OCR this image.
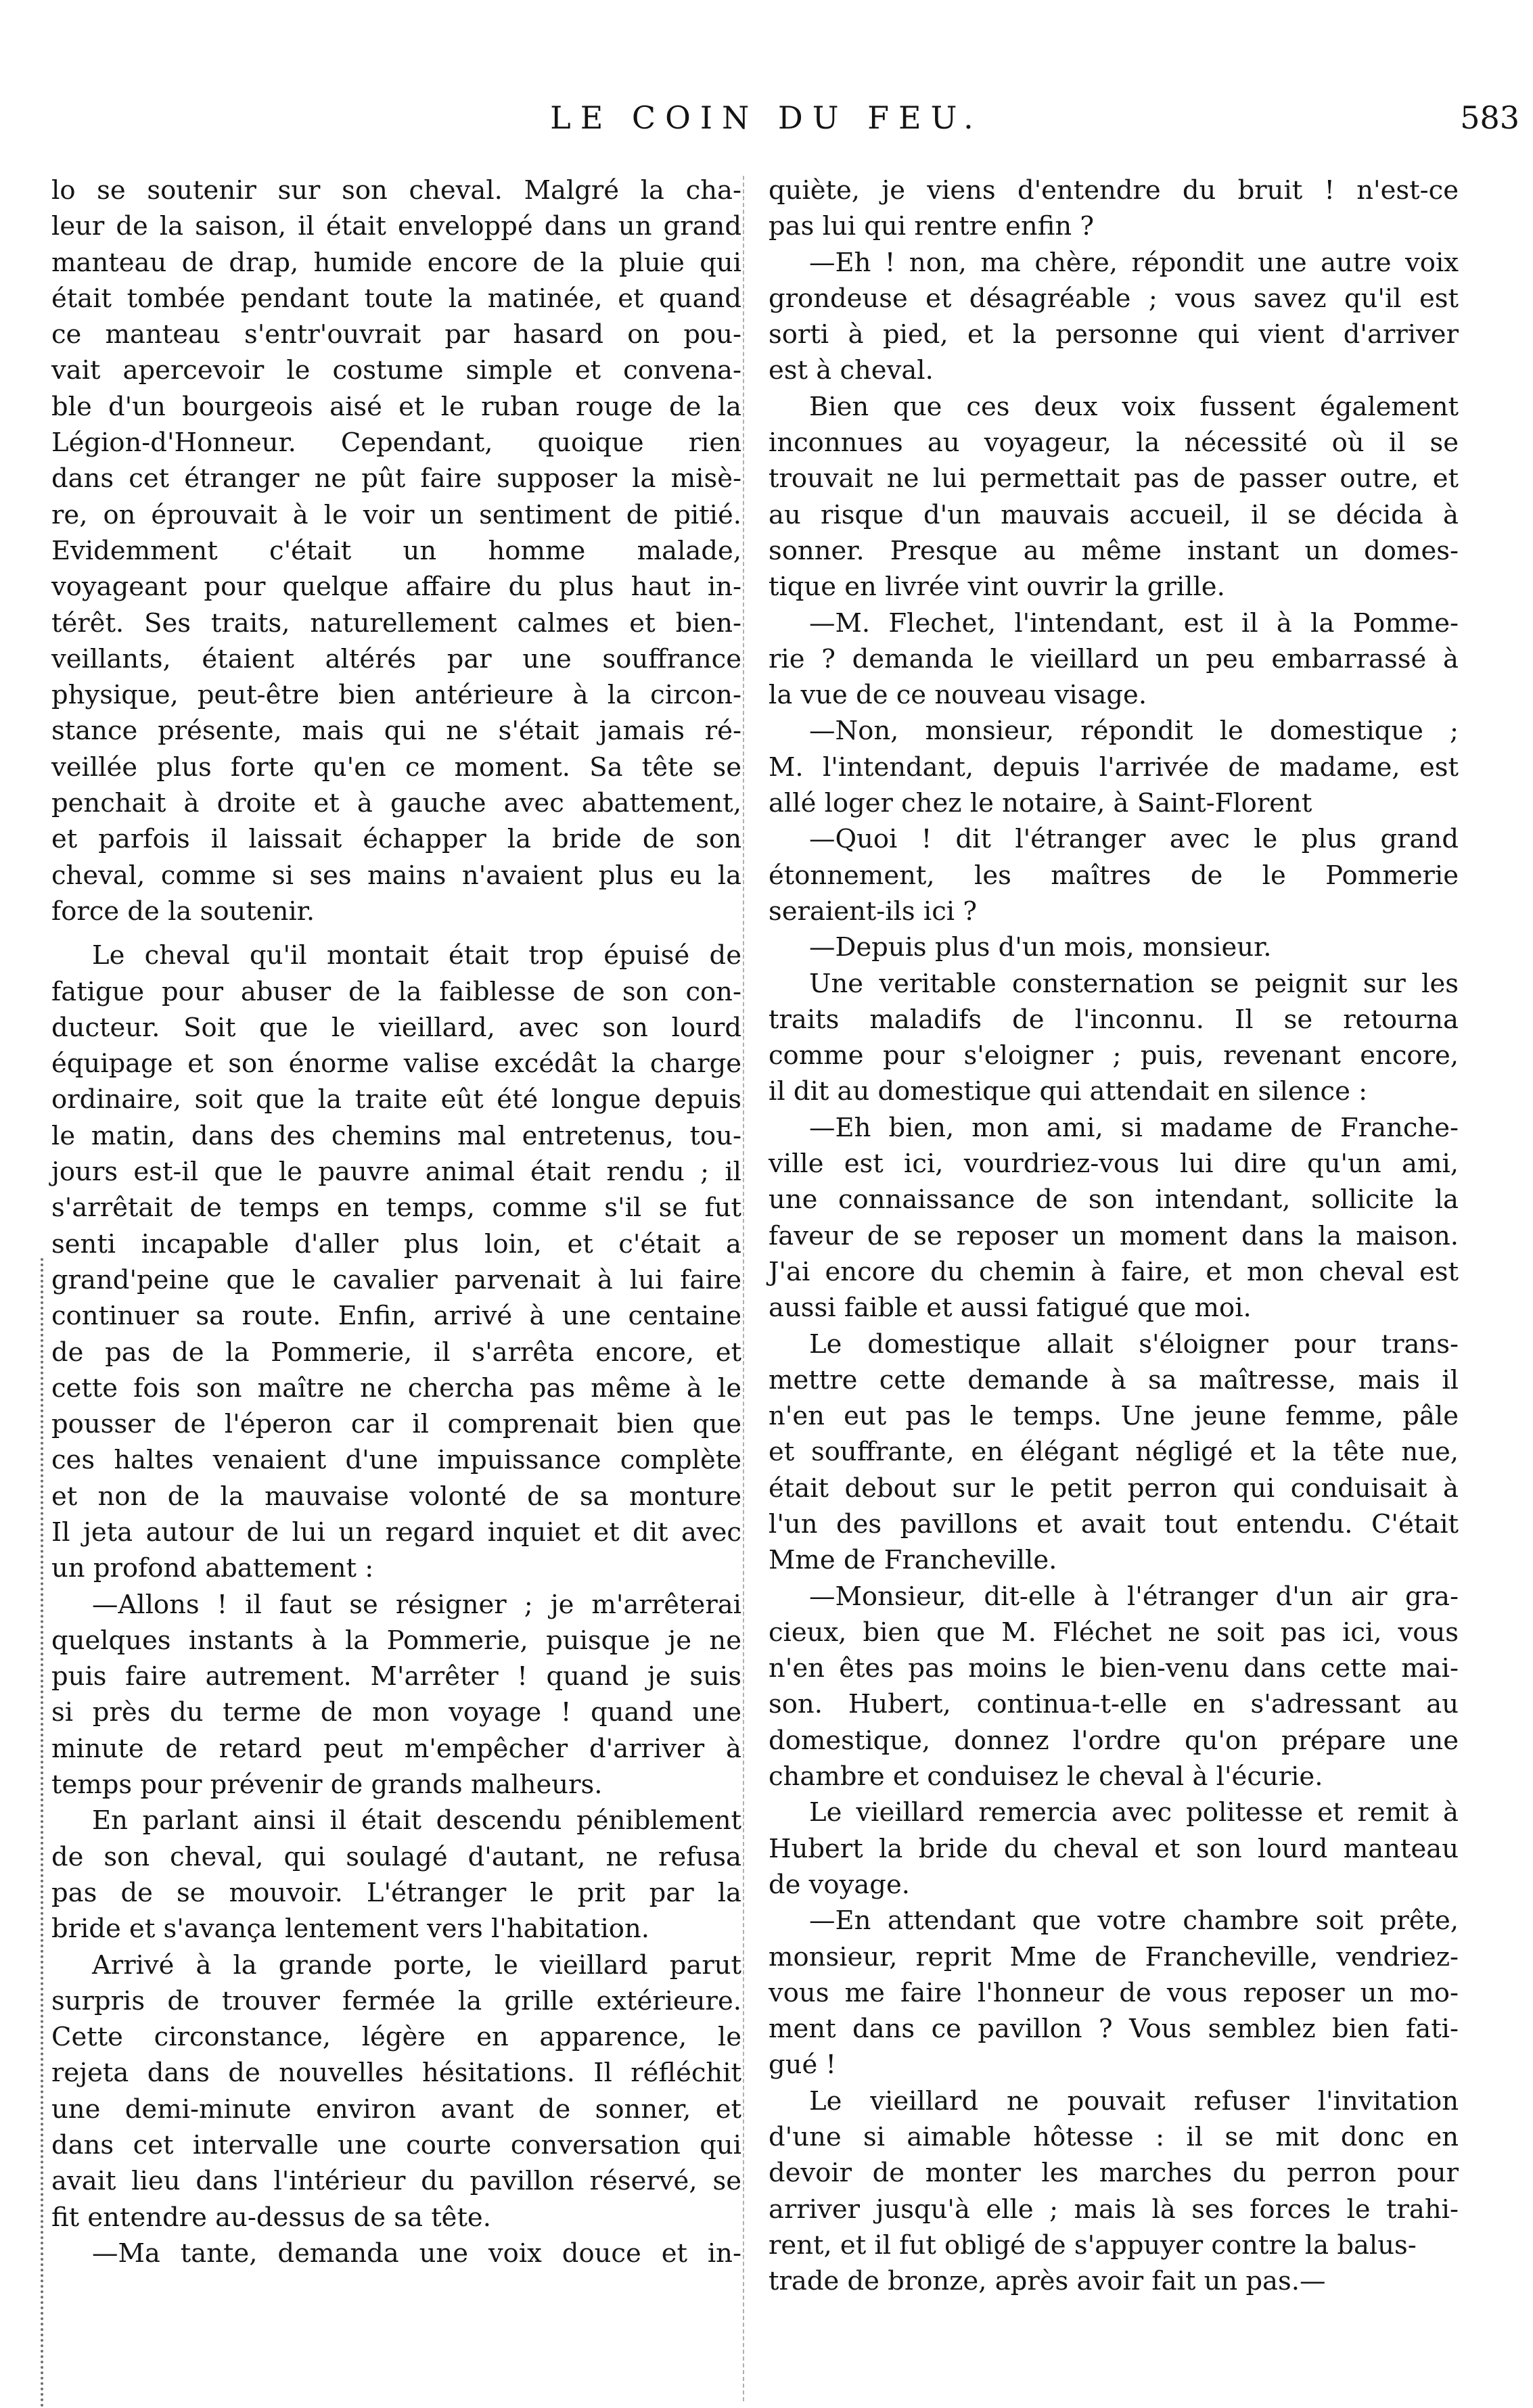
LE COIN DU FEU.	583
lo se soutenir sur son cheval. Malgré la cha-
leur de la saison, il était enveloppé dans un grand
manteau de drap, humide encore de la pluie qui
était tombée pendant toute la matinée, et quand
ce manteau s'entr'ouvrait par hasard on pou-
vait apercevoir le costume simple et convena-
ble d'un bourgeois aisé et le ruban rouge de la
Légion-d'Honneur. Cependant, quoique rien
dans cet étranger ne pût faire supposer la misè-
re, on éprouvait à le voir un sentiment de pitié.
Evidemment c'était un homme malade,
voyageant pour quelque affaire du plus haut in-
térêt. Ses traits, naturellement calmes et bien-
veillants, étaient altérés par une souffrance
physique, peut-être bien antérieure à la circon-
stance présente, mais qui ne s'était jamais ré-
veillée plus forte qu'en ce moment. Sa tête se
penchait à droite et à gauche avec abattement,
et parfois il laissait échapper la bride de son
cheval, comme si ses mains n'avaient plus eu la
force de la soutenir.
Le cheval qu'il montait était trop épuisé de
fatigue pour abuser de la faiblesse de son con-
ducteur. Soit que le vieillard, avec son lourd
équipage et son énorme valise excédât la charge
ordinaire, soit que la traite eût été longue depuis
le matin, dans des chemins mal entretenus, tou-
jours est-il que le pauvre animal était rendu ; il
s'arrêtait de temps en temps, comme s'il se fut
senti incapable d'aller plus loin, et c'était a
grand'peine que le cavalier parvenait à lui faire
continuer sa route. Enfin, arrivé à une centaine
de pas de la Pommerie, il s'arrêta encore, et
cette fois son maître ne chercha pas même à le
pousser de l'éperon car il comprenait bien que
ces haltes venaient d'une impuissance complète
et non de la mauvaise volonté de sa monture
Il jeta autour de lui un regard inquiet et dit avec
un profond abattement :
—Allons ! il faut se résigner ; je m'arrêterai
quelques instants à la Pommerie, puisque je ne
puis faire autrement. M'arrêter ! quand je suis
si près du terme de mon voyage ! quand une
minute de retard peut m'empêcher d'arriver à
temps pour prévenir de grands malheurs.
En parlant ainsi il était descendu péniblement
de son cheval, qui soulagé d'autant, ne refusa
pas de se mouvoir. L'étranger le prit par la
bride et s'avança lentement vers l'habitation.
Arrivé à la grande porte, le vieillard parut
surpris de trouver fermée la grille extérieure.
Cette circonstance, légère en apparence, le
rejeta dans de nouvelles hésitations. Il réfléchit
une demi-minute environ avant de sonner, et
dans cet intervalle une courte conversation qui
avait lieu dans l'intérieur du pavillon réservé, se
fit entendre au-dessus de sa tête.
—Ma tante, demanda une voix douce et in-
quiète, je viens d'entendre du bruit ! n'est-ce
pas lui qui rentre enfin ?
—Eh ! non, ma chère, répondit une autre voix
grondeuse et désagréable ; vous savez qu'il est
sorti à pied, et la personne qui vient d'arriver
est à cheval.
Bien que ces deux voix fussent également
inconnues au voyageur, la nécessité où il se
trouvait ne lui permettait pas de passer outre, et
au risque d'un mauvais accueil, il se décida à
sonner. Presque au même instant un domes-
tique en livrée vint ouvrir la grille.
—M. Flechet, l'intendant, est il à la Pomme-
rie ? demanda le vieillard un peu embarrassé à
la vue de ce nouveau visage.
—Non, monsieur, répondit le domestique ;
M. l'intendant, depuis l'arrivée de madame, est
allé loger chez le notaire, à Saint-Florent
—Quoi ! dit l'étranger avec le plus grand
étonnement, les maîtres de le Pommerie
seraient-ils ici ?
—Depuis plus d'un mois, monsieur.
Une veritable consternation se peignit sur les
traits maladifs de l'inconnu. Il se retourna
comme pour s'eloigner ; puis, revenant encore,
il dit au domestique qui attendait en silence :
—Eh bien, mon ami, si madame de Franche-
ville est ici, vourdriez-vous lui dire qu'un ami,
une connaissance de son intendant, sollicite la
faveur de se reposer un moment dans la maison.
J'ai encore du chemin à faire, et mon cheval est
aussi faible et aussi fatigué que moi.
Le domestique allait s'éloigner pour trans-
mettre cette demande à sa maîtresse, mais il
n'en eut pas le temps. Une jeune femme, pâle
et souffrante, en élégant négligé et la tête nue,
était debout sur le petit perron qui conduisait à
l'un des pavillons et avait tout entendu. C'était
Mme de Francheville.
—Monsieur, dit-elle à l'étranger d'un air gra-
cieux, bien que M. Fléchet ne soit pas ici, vous
n'en êtes pas moins le bien-venu dans cette mai-
son. Hubert, continua-t-elle en s'adressant au
domestique, donnez l'ordre qu'on prépare une
chambre et conduisez le cheval à l'écurie.
Le vieillard remercia avec politesse et remit à
Hubert la bride du cheval et son lourd manteau
de voyage.
—En attendant que votre chambre soit prête,
monsieur, reprit Mme de Francheville, vendriez-
vous me faire l'honneur de vous reposer un mo-
ment dans ce pavillon ? Vous semblez bien fati-
gué !
Le vieillard ne pouvait refuser l'invitation
d'une si aimable hôtesse : il se mit donc en
devoir de monter les marches du perron pour
arriver jusqu'à elle ; mais là ses forces le trahi-
rent, et il fut obligé de s'appuyer contre la balus-
trade de bronze, après avoir fait un pas.—
